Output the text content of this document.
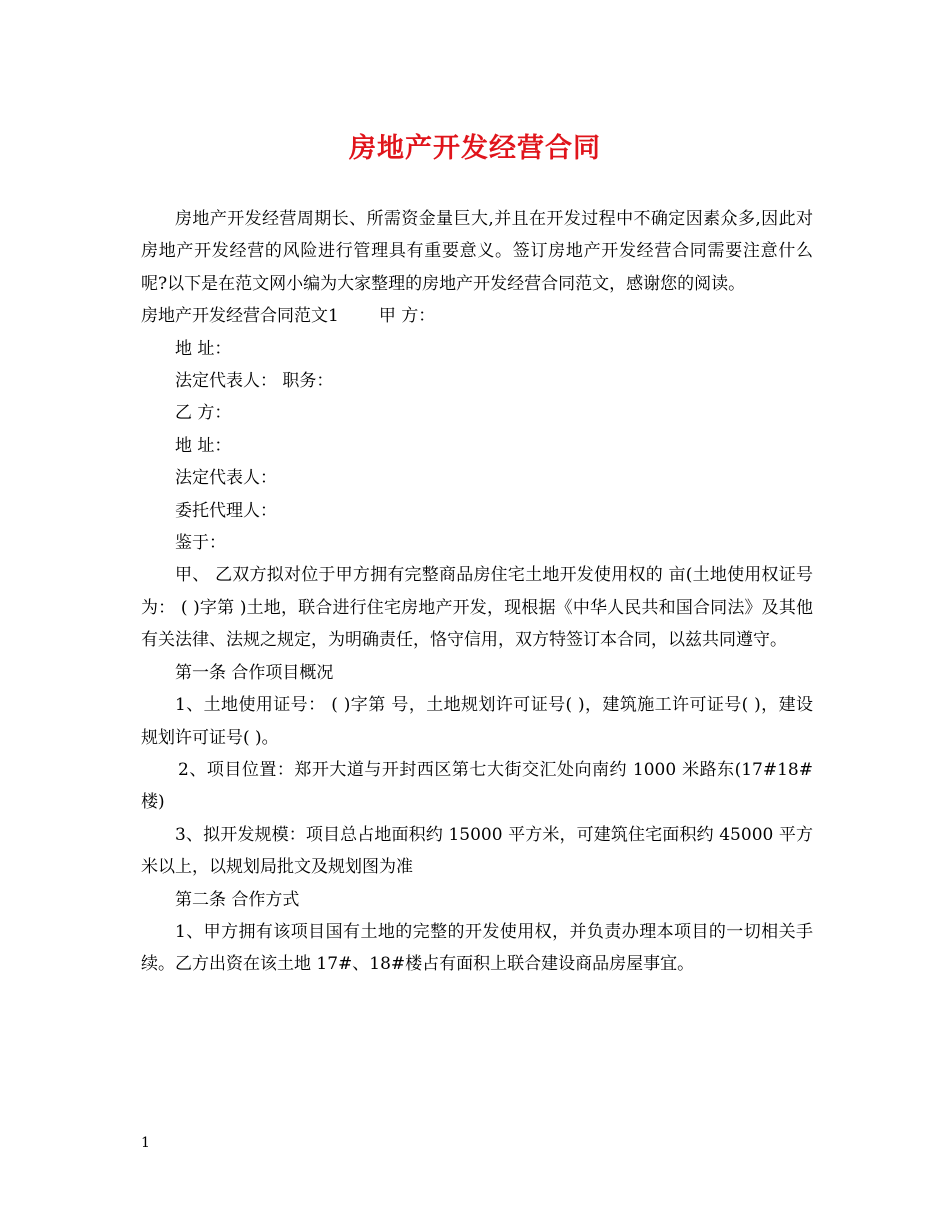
房地产开发经营合同

房地产开发经营周期长、所需资金量巨大,并且在开发过程中不确定因素众多,因此对房地产开发经营的风险进行管理具有重要意义。签订房地产开发经营合同需要注意什么呢?以下是在范文网小编为大家整理的房地产开发经营合同范文，感谢您的阅读。

房地产开发经营合同范文1 甲 方：

地 址：

法定代表人： 职务：

乙 方：

地 址：

法定代表人：

委托代理人：

鉴于：

甲、 乙双方拟对位于甲方拥有完整商品房住宅土地开发使用权的 亩(土地使用权证号为： ( )字第 )土地，联合进行住宅房地产开发，现根据《中华人民共和国合同法》及其他有关法律、法规之规定，为明确责任，恪守信用，双方特签订本合同，以兹共同遵守。

第一条 合作项目概况

1、土地使用证号： ( )字第 号，土地规划许可证号( )，建筑施工许可证号( )，建设规划许可证号( )。

2、项目位置：郑开大道与开封西区第七大街交汇处向南约 1000 米路东(17#18#楼)

3、拟开发规模：项目总占地面积约 15000 平方米，可建筑住宅面积约 45000 平方米以上，以规划局批文及规划图为准

第二条 合作方式

1、甲方拥有该项目国有土地的完整的开发使用权，并负责办理本项目的一切相关手续。乙方出资在该土地 17#、18#楼占有面积上联合建设商品房屋事宜。

1
